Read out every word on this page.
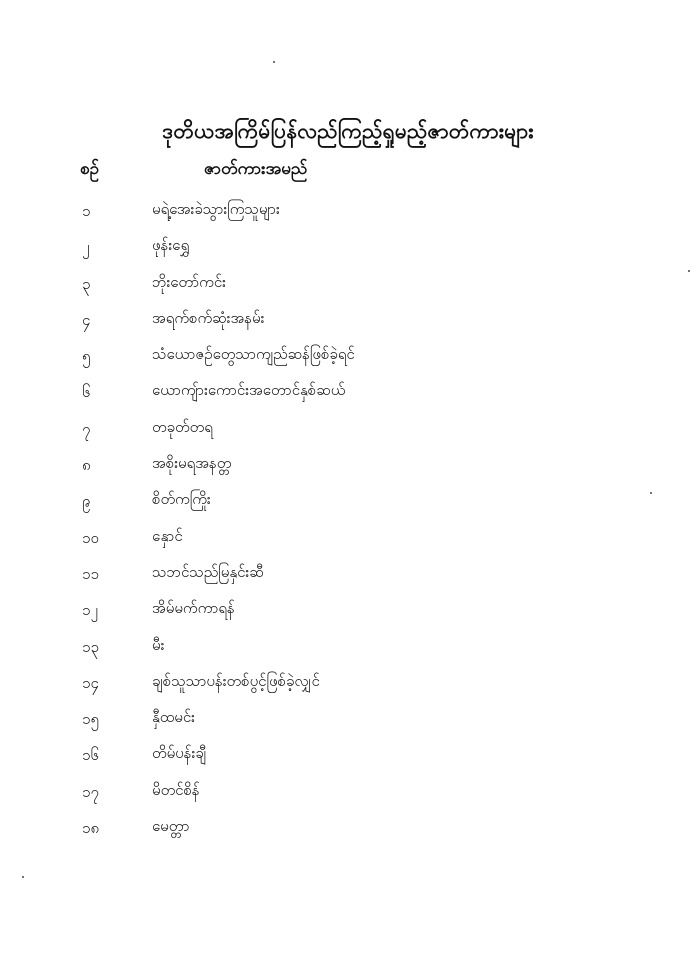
ဒုတိယအကြိမ်ပြန်လည်ကြည့်ရှုမည့်ဇာတ်ကားများ
စဉ်	ဇာတ်ကားအမည်
၁	မရဲ့အေးခဲသွားကြသူများ
၂	ဖုန်းရွှေ
၃	ဘိုးတော်ကင်း
၄	အရက်စက်ဆုံးအနမ်း
၅	သံယောဇဉ်တွေသာကျည်ဆန်ဖြစ်ခဲ့ရင်
၆	ယောကျ်ားကောင်းအတောင်နှစ်ဆယ်
၇	တခုတ်တရ
၈	အစိုးမရအနတ္တ
၉	စိတ်ကကြိုး
၁၀	နှောင်
၁၁	သဘင်သည်မြနှင်းဆီ
၁၂	အိမ်မက်ကာရန်
၁၃	မီး
၁၄	ချစ်သူသာပန်းတစ်ပွင့်ဖြစ်ခဲ့လျှင်
၁၅	နှီထမင်း
၁၆	တိမ်ပန်းချီ
၁၇	မိတင်စိန်
၁၈	မေတ္တာ
